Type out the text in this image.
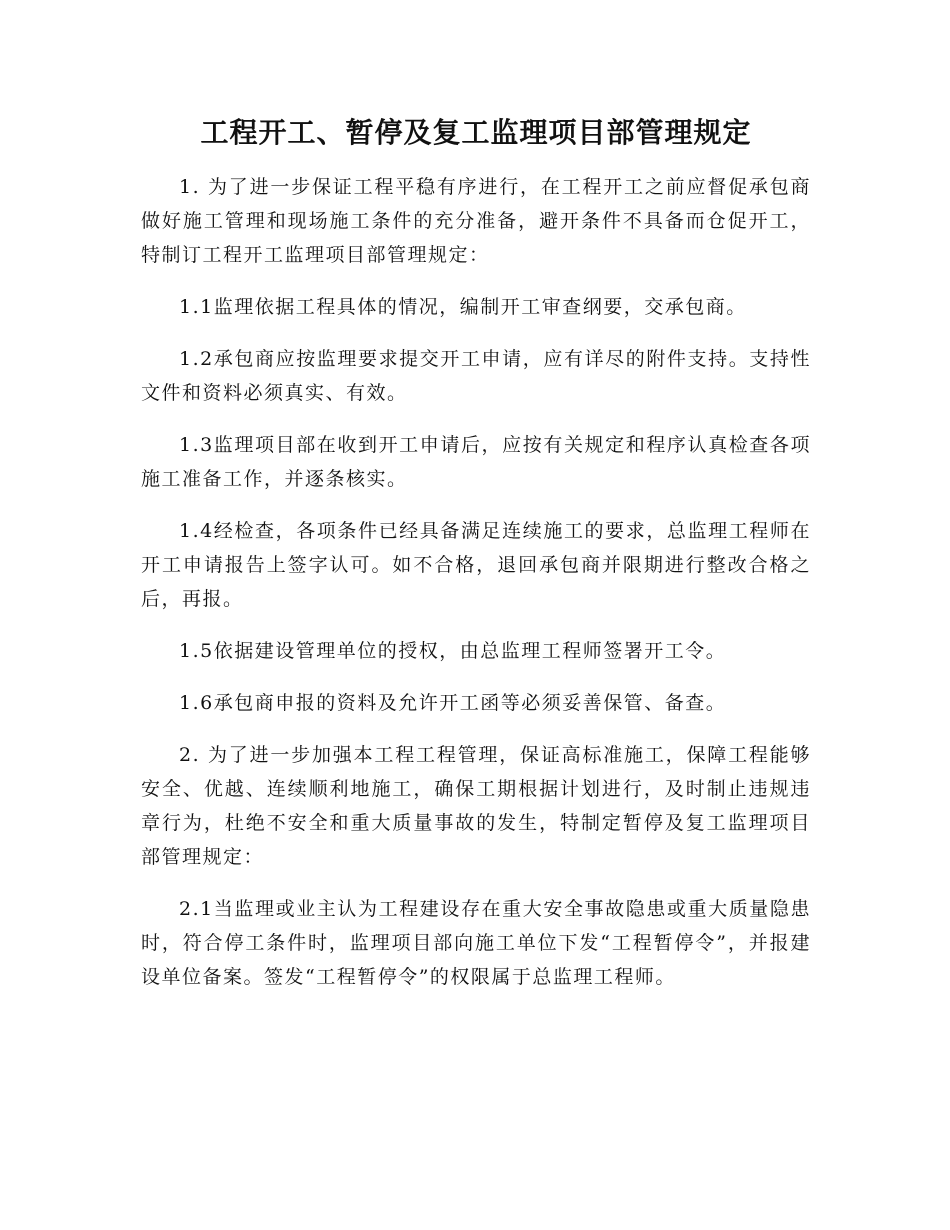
工程开工、暂停及复工监理项目部管理规定

1. 为了进一步保证工程平稳有序进行，在工程开工之前应督促承包商做好施工管理和现场施工条件的充分准备，避开条件不具备而仓促开工，特制订工程开工监理项目部管理规定：

1.1监理依据工程具体的情况，编制开工审查纲要，交承包商。

1.2承包商应按监理要求提交开工申请，应有详尽的附件支持。支持性文件和资料必须真实、有效。

1.3监理项目部在收到开工申请后，应按有关规定和程序认真检查各项施工准备工作，并逐条核实。

1.4经检查，各项条件已经具备满足连续施工的要求，总监理工程师在开工申请报告上签字认可。如不合格，退回承包商并限期进行整改合格之后，再报。

1.5依据建设管理单位的授权，由总监理工程师签署开工令。

1.6承包商申报的资料及允许开工函等必须妥善保管、备查。

2. 为了进一步加强本工程工程管理，保证高标准施工，保障工程能够安全、优越、连续顺利地施工，确保工期根据计划进行，及时制止违规违章行为，杜绝不安全和重大质量事故的发生，特制定暂停及复工监理项目部管理规定：

2.1当监理或业主认为工程建设存在重大安全事故隐患或重大质量隐患时，符合停工条件时，监理项目部向施工单位下发“工程暂停令”，并报建设单位备案。签发“工程暂停令”的权限属于总监理工程师。
